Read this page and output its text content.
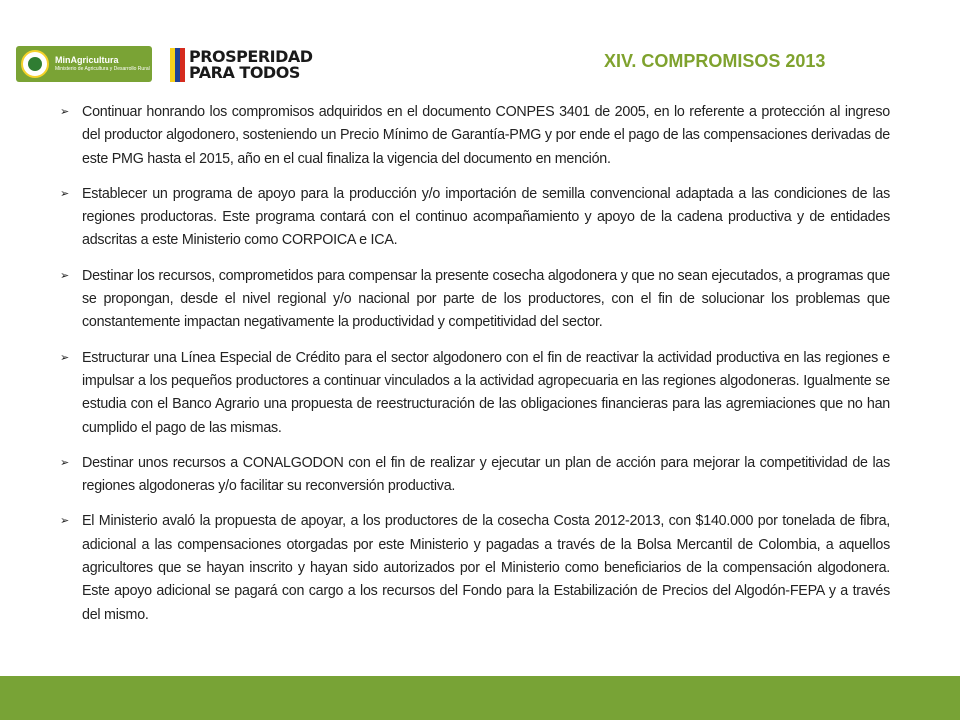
MinAgricultura
Ministerio de Agricultura y Desarrollo Rural
PROSPERIDAD
PARA TODOS
XIV. COMPROMISOS 2013
➢ Continuar honrando los compromisos adquiridos en el documento CONPES 3401 de 2005, en lo referente a protección al ingreso del productor algodonero, sosteniendo un Precio Mínimo de Garantía-PMG y por ende el pago de las compensaciones derivadas de este PMG hasta el 2015, año en el cual finaliza la vigencia del documento en mención.
➢ Establecer un programa de apoyo para la producción y/o importación de semilla convencional adaptada a las condiciones de las regiones productoras. Este programa contará con el continuo acompañamiento y apoyo de la cadena productiva y de entidades adscritas a este Ministerio como CORPOICA e ICA.
➢ Destinar los recursos, comprometidos para compensar la presente cosecha algodonera y que no sean ejecutados, a programas que se propongan, desde el nivel regional y/o nacional por parte de los productores, con el fin de solucionar los problemas que constantemente impactan negativamente la productividad y competitividad del sector.
➢ Estructurar una Línea Especial de Crédito para el sector algodonero con el fin de reactivar la actividad productiva en las regiones e impulsar a los pequeños productores a continuar vinculados a la actividad agropecuaria en las regiones algodoneras. Igualmente se estudia con el Banco Agrario una propuesta de reestructuración de las obligaciones financieras para las agremiaciones que no han cumplido el pago de las mismas.
➢ Destinar unos recursos a CONALGODON con el fin de realizar y ejecutar un plan de acción para mejorar la competitividad de las regiones algodoneras y/o facilitar su reconversión productiva.
➢ El Ministerio avaló la propuesta de apoyar, a los productores de la cosecha Costa 2012-2013, con $140.000 por tonelada de fibra, adicional a las compensaciones otorgadas por este Ministerio y pagadas a través de la Bolsa Mercantil de Colombia, a aquellos agricultores que se hayan inscrito y hayan sido autorizados por el Ministerio como beneficiarios de la compensación algodonera. Este apoyo adicional se pagará con cargo a los recursos del Fondo para la Estabilización de Precios del Algodón-FEPA y a través del mismo.
